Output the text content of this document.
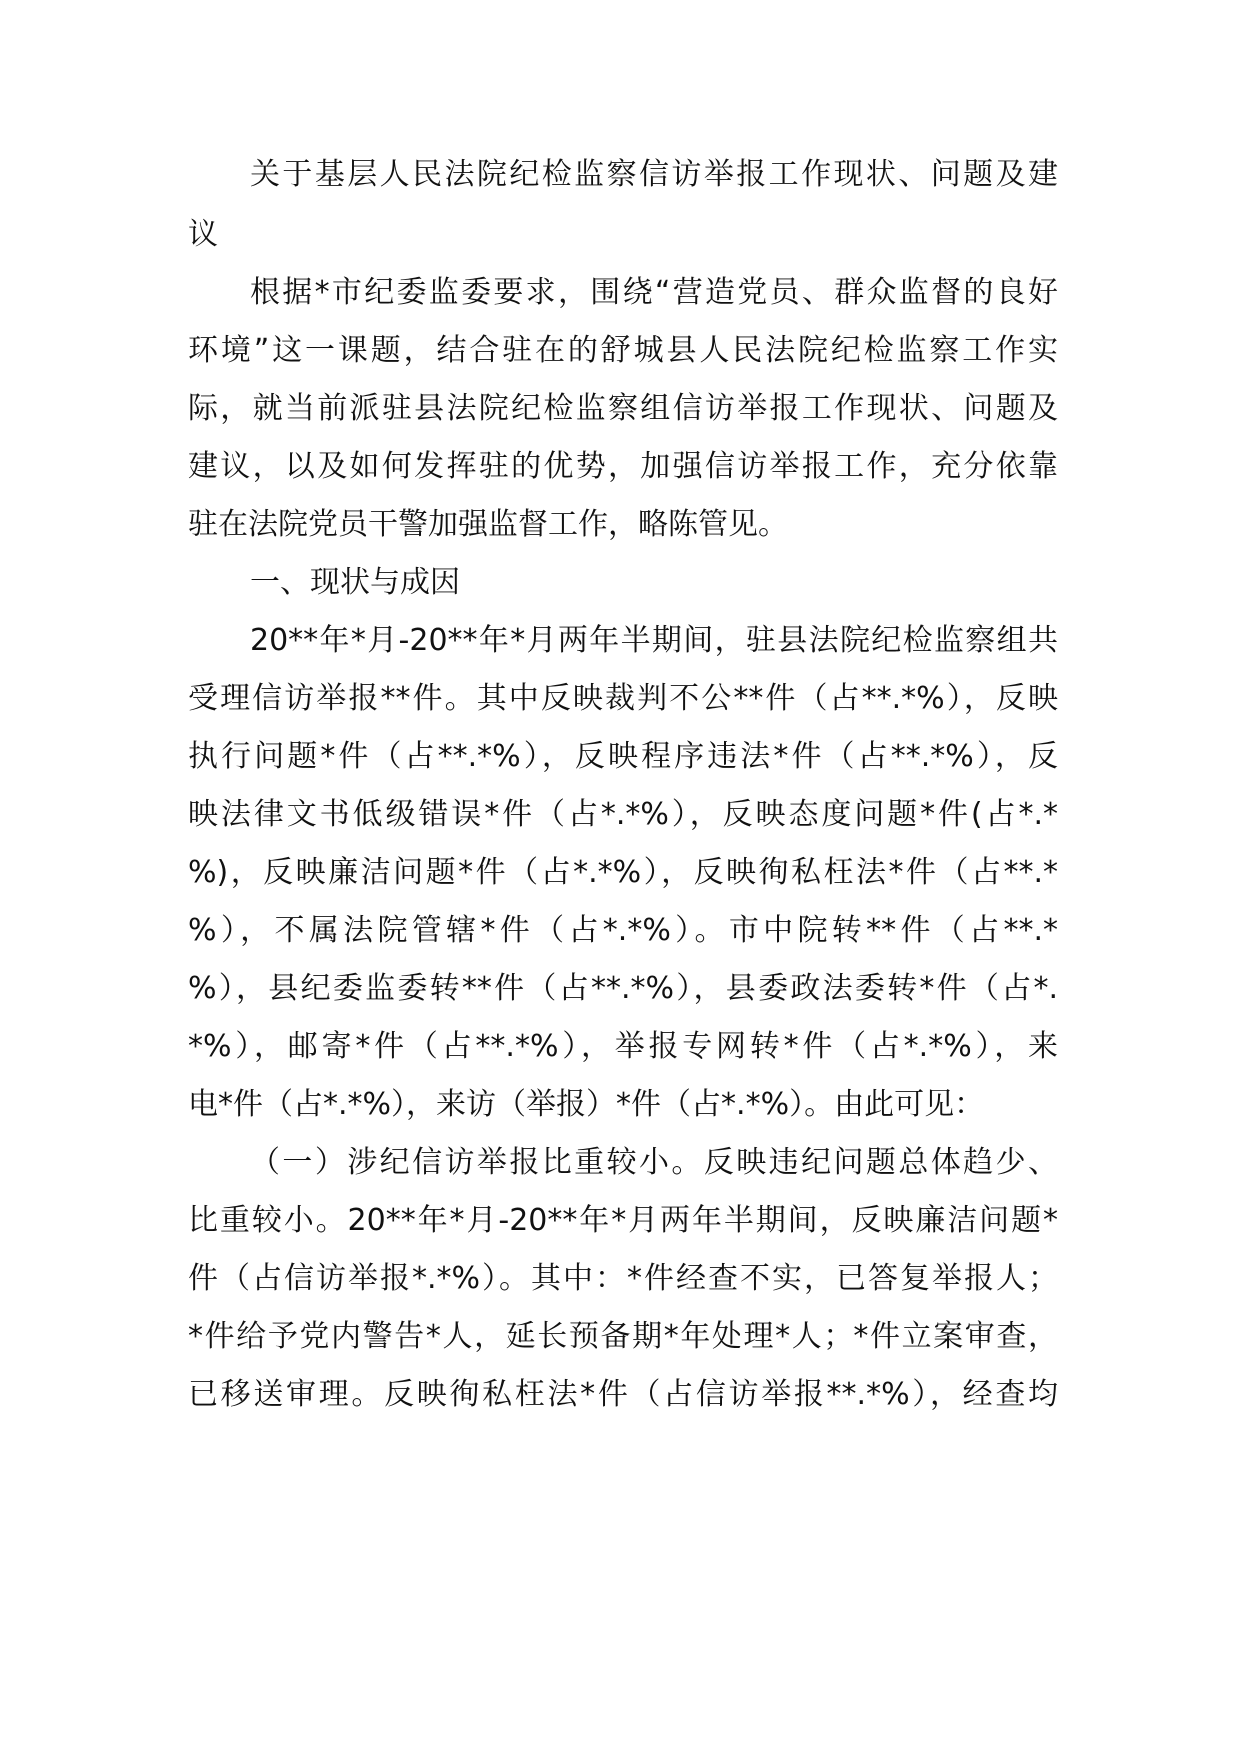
关于基层人民法院纪检监察信访举报工作现状、问题及建
议
根据*市纪委监委要求，围绕“营造党员、群众监督的良好
环境”这一课题，结合驻在的舒城县人民法院纪检监察工作实
际，就当前派驻县法院纪检监察组信访举报工作现状、问题及
建议，以及如何发挥驻的优势，加强信访举报工作，充分依靠
驻在法院党员干警加强监督工作，略陈管见。
一、现状与成因
20**年*月-20**年*月两年半期间，驻县法院纪检监察组共
受理信访举报**件。其中反映裁判不公**件（占**.*%），反映
执行问题*件（占**.*%），反映程序违法*件（占**.*%），反
映法律文书低级错误*件（占*.*%），反映态度问题*件(占*.*
%)，反映廉洁问题*件（占*.*%），反映徇私枉法*件（占**.*
%），不属法院管辖*件（占*.*%）。市中院转**件（占**.*
%），县纪委监委转**件（占**.*%），县委政法委转*件（占*.
*%），邮寄*件（占**.*%），举报专网转*件（占*.*%），来
电*件（占*.*%），来访（举报）*件（占*.*%）。由此可见：
（一）涉纪信访举报比重较小。反映违纪问题总体趋少、
比重较小。20**年*月-20**年*月两年半期间，反映廉洁问题*
件（占信访举报*.*%）。其中：*件经查不实，已答复举报人；
*件给予党内警告*人，延长预备期*年处理*人；*件立案审查，
已移送审理。反映徇私枉法*件（占信访举报**.*%），经查均
